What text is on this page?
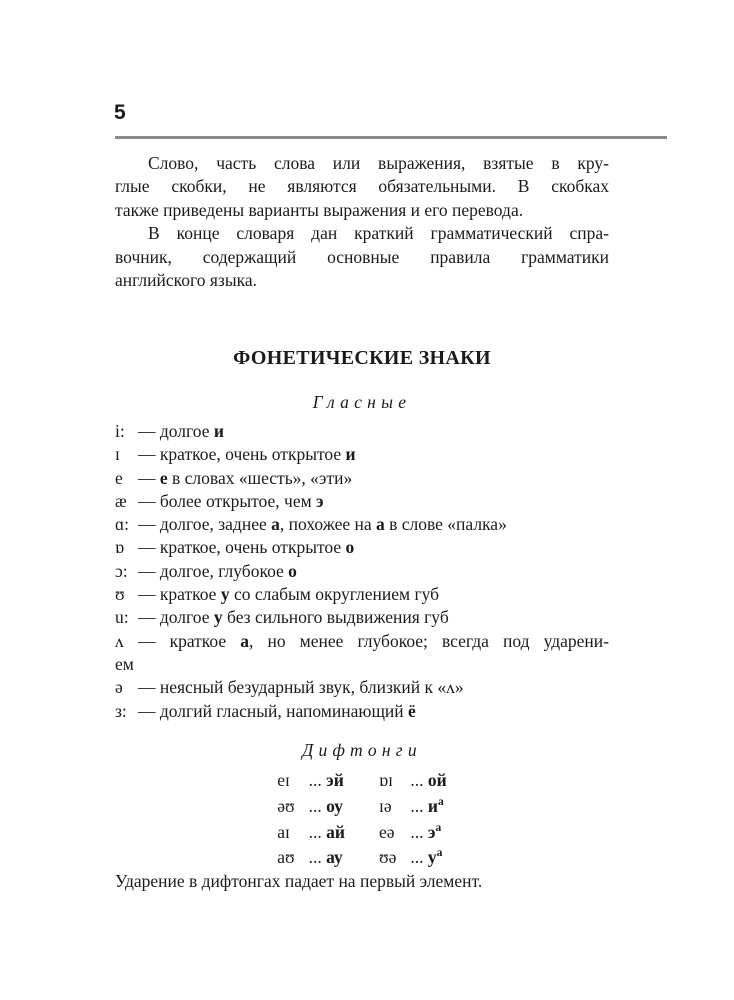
5
Слово, часть слова или выражения, взятые в кру-
глые скобки, не являются обязательными. В скобках
также приведены варианты выражения и его перевода.
В конце словаря дан краткий грамматический спра-
вочник, содержащий основные правила грамматики
английского языка.
ФОНЕТИЧЕСКИЕ ЗНАКИ
Гласные
i: — долгое и
ɪ — краткое, очень открытое и
e — е в словах «шесть», «эти»
æ — более открытое, чем э
ɑ: — долгое, заднее а, похожее на а в слове «палка»
ɒ — краткое, очень открытое о
ɔ: — долгое, глубокое о
ʊ — краткое у со слабым округлением губ
u: — долгое у без сильного выдвижения губ
ʌ — краткое а, но менее глубокое; всегда под ударени-
ем
ə — неясный безударный звук, близкий к «ʌ»
з: — долгий гласный, напоминающий ё
Дифтонги
eɪ ... эй
əʊ ... оу
aɪ ... ай
aʊ ... ау
ɒɪ ... ой
ɪə ... $и^а$
eə ... $э^а$
ʊə ... $у^а$

Ударение в дифтонгах падает на первый элемент.
